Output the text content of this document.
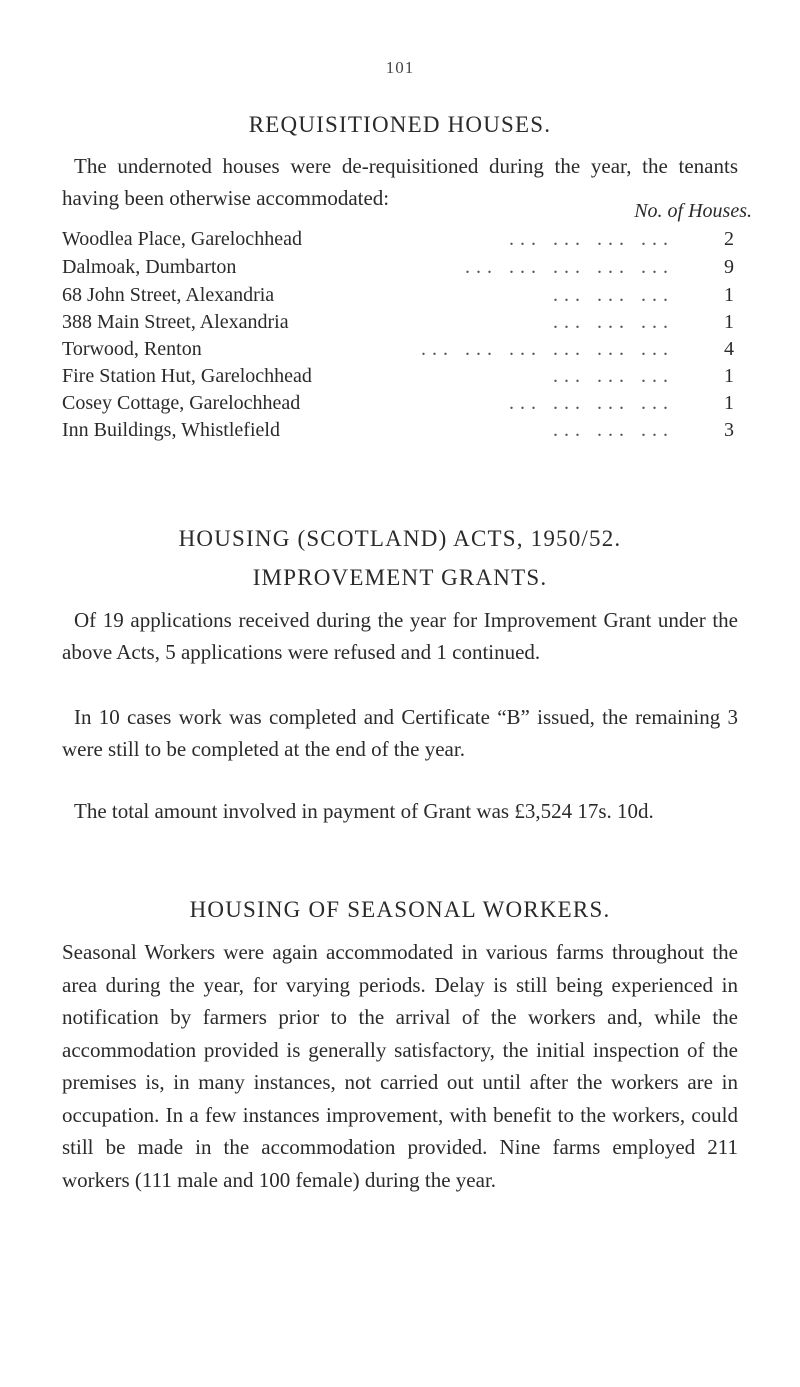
101
REQUISITIONED HOUSES.

The undernoted houses were de-requisitioned during the year, the tenants having been otherwise accommodated:

No. of Houses.
Woodlea Place, Garelochhead	... ... ... ...	2
Dalmoak, Dumbarton	... ... ... ... ...	9
68 John Street, Alexandria	... ... ...	1
388 Main Street, Alexandria	... ... ...	1
Torwood, Renton	... ... ... ... ... ...	4
Fire Station Hut, Garelochhead	... ... ...	1
Cosey Cottage, Garelochhead	... ... ... ...	1
Inn Buildings, Whistlefield	... ... ...	3
HOUSING (SCOTLAND) ACTS, 1950/52.
IMPROVEMENT GRANTS.

Of 19 applications received during the year for Improvement Grant under the above Acts, 5 applications were refused and 1 continued.

In 10 cases work was completed and Certificate “B” issued, the remaining 3 were still to be completed at the end of the year.

The total amount involved in payment of Grant was £3,524 17s. 10d.

HOUSING OF SEASONAL WORKERS.

Seasonal Workers were again accommodated in various farms throughout the area during the year, for varying periods. Delay is still being experienced in notification by farmers prior to the arrival of the workers and, while the accommodation provided is generally satisfactory, the initial inspection of the premises is, in many instances, not carried out until after the workers are in occupation. In a few instances improvement, with benefit to the workers, could still be made in the accommodation provided. Nine farms employed 211 workers (111 male and 100 female) during the year.
